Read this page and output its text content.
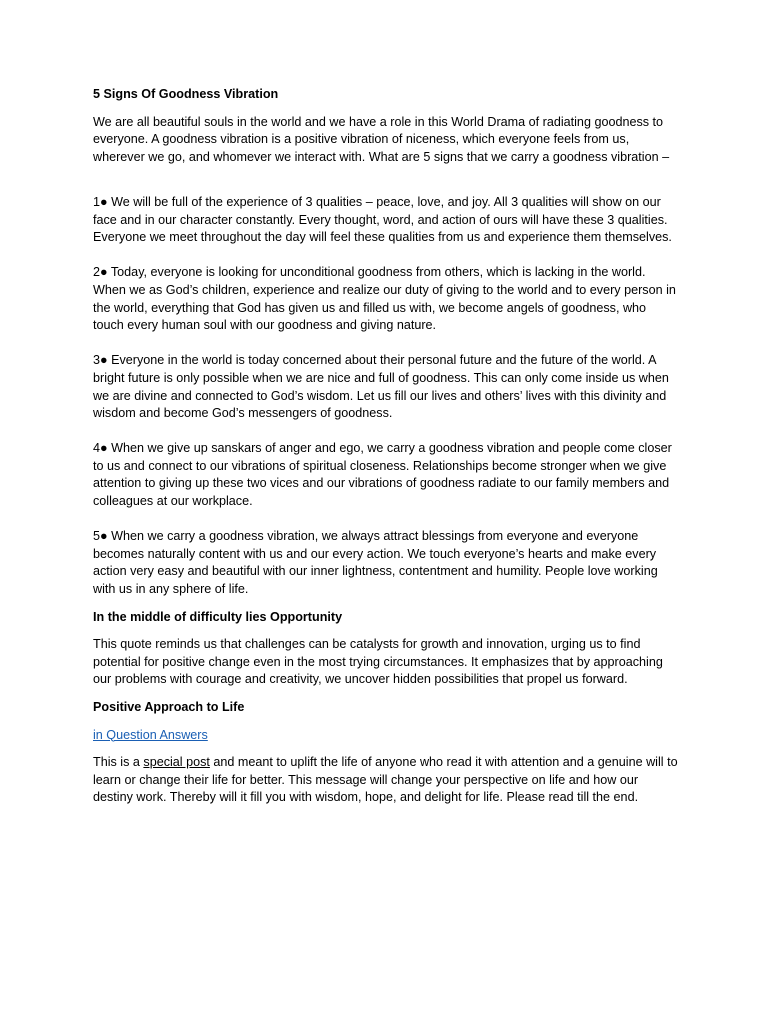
5 Signs Of Goodness Vibration

We are all beautiful souls in the world and we have a role in this World Drama of radiating goodness to everyone. A goodness vibration is a positive vibration of niceness, which everyone feels from us, wherever we go, and whomever we interact with. What are 5 signs that we carry a goodness vibration –

1● We will be full of the experience of 3 qualities – peace, love, and joy. All 3 qualities will show on our face and in our character constantly. Every thought, word, and action of ours will have these 3 qualities. Everyone we meet throughout the day will feel these qualities from us and experience them themselves.

2● Today, everyone is looking for unconditional goodness from others, which is lacking in the world. When we as God’s children, experience and realize our duty of giving to the world and to every person in the world, everything that God has given us and filled us with, we become angels of goodness, who touch every human soul with our goodness and giving nature.

3● Everyone in the world is today concerned about their personal future and the future of the world. A bright future is only possible when we are nice and full of goodness. This can only come inside us when we are divine and connected to God’s wisdom. Let us fill our lives and others’ lives with this divinity and wisdom and become God’s messengers of goodness.

4● When we give up sanskars of anger and ego, we carry a goodness vibration and people come closer to us and connect to our vibrations of spiritual closeness. Relationships become stronger when we give attention to giving up these two vices and our vibrations of goodness radiate to our family members and colleagues at our workplace.

5● When we carry a goodness vibration, we always attract blessings from everyone and everyone becomes naturally content with us and our every action. We touch everyone’s hearts and make every action very easy and beautiful with our inner lightness, contentment and humility. People love working with us in any sphere of life.

In the middle of difficulty lies Opportunity

This quote reminds us that challenges can be catalysts for growth and innovation, urging us to find potential for positive change even in the most trying circumstances. It emphasizes that by approaching our problems with courage and creativity, we uncover hidden possibilities that propel us forward.

Positive Approach to Life

in Question Answers

This is a special post and meant to uplift the life of anyone who read it with attention and a genuine will to learn or change their life for better. This message will change your perspective on life and how our destiny work. Thereby will it fill you with wisdom, hope, and delight for life. Please read till the end.
